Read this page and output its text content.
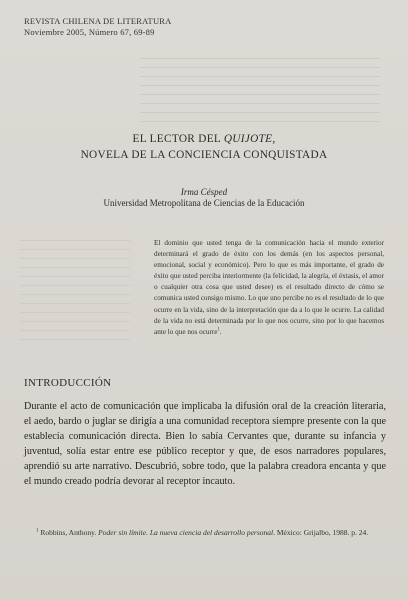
REVISTA CHILENA DE LITERATURA
Noviembre 2005, Número 67, 69-89
EL LECTOR DEL QUIJOTE,
NOVELA DE LA CONCIENCIA CONQUISTADA
Irma Césped
Universidad Metropolitana de Ciencias de la Educación

El dominio que usted tenga de la comunicación hacia el mundo exterior determinará el grado de éxito con los demás (en los aspectos personal, emocional, social y económico). Pero lo que es más importante, el grado de éxito que usted perciba interiormente (la felicidad, la alegría, el éxtasis, el amor o cualquier otra cosa que usted desee) es el resultado directo de cómo se comunica usted consigo mismo. Lo que uno percibe no es el resultado de lo que ocurre en la vida, sino de la interpretación que da a lo que le ocurre. La calidad de la vida no está determinada por lo que nos ocurre, sino por lo que hacemos ante lo que nos ocurre$^1$.

INTRODUCCIÓN

Durante el acto de comunicación que implicaba la difusión oral de la creación literaria, el aedo, bardo o juglar se dirigía a una comunidad receptora siempre presente con la que establecía comunicación directa. Bien lo sabía Cervantes que, durante su infancia y juventud, solía estar entre ese público receptor y que, de esos narradores populares, aprendió su arte narrativo. Descubrió, sobre todo, que la palabra creadora encanta y que el mundo creado podría devorar al receptor incauto.

$^1$ Robbins, Anthony. Poder sin límite. La nueva ciencia del desarrollo personal. México: Grijalbo, 1988. p. 24.
